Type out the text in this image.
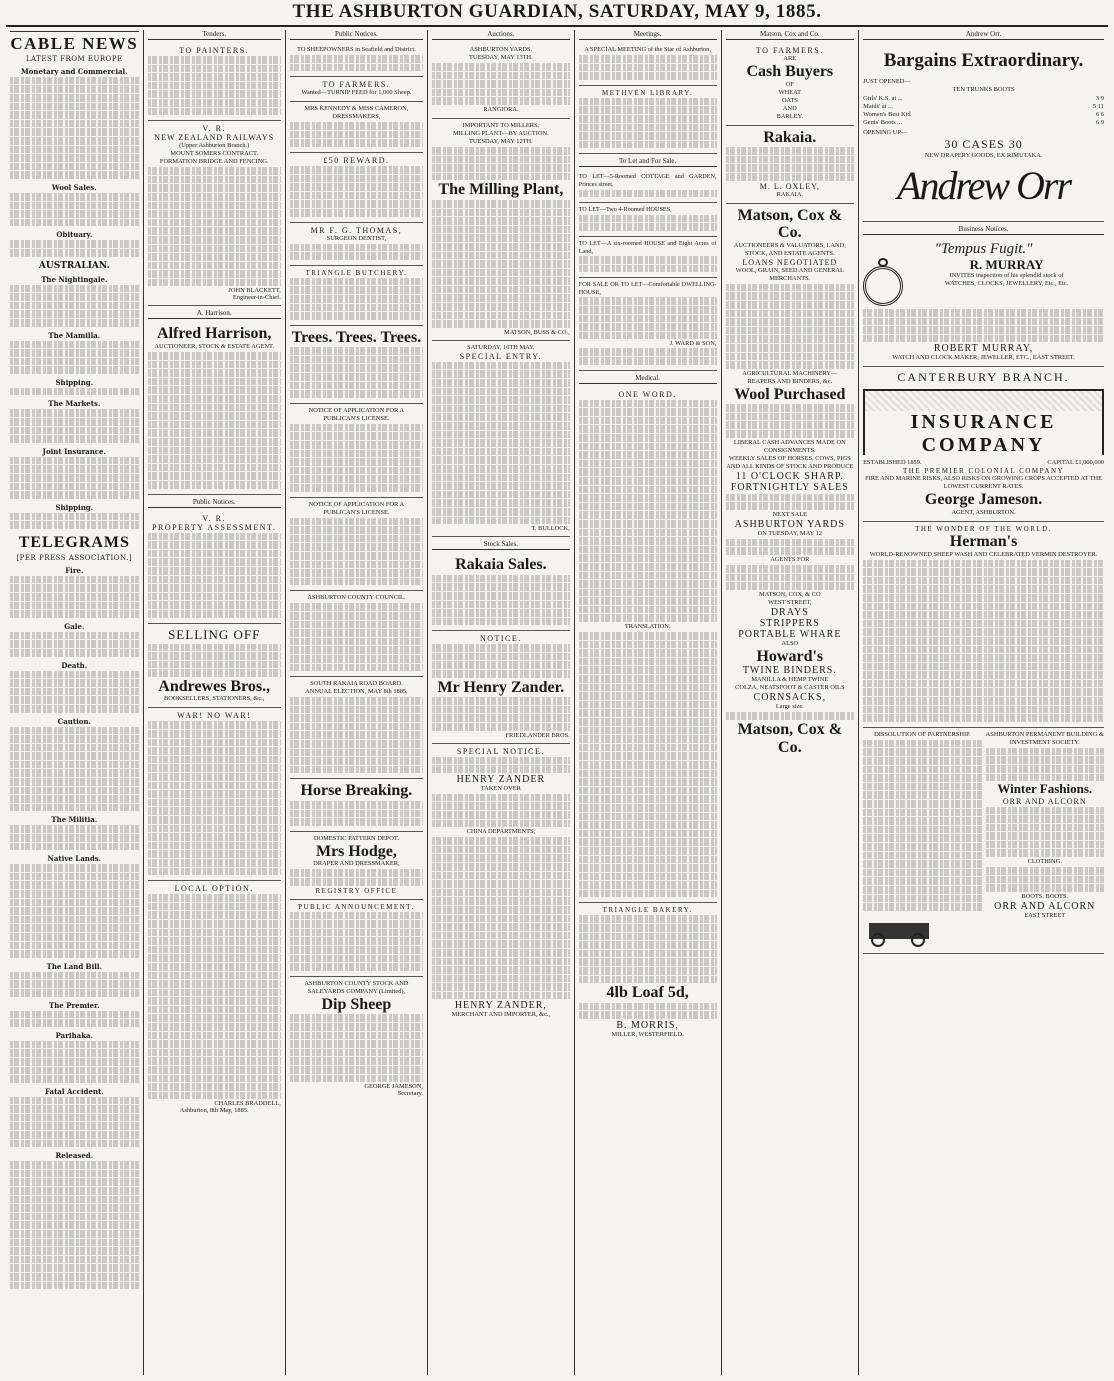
THE ASHBURTON GUARDIAN, SATURDAY, MAY 9, 1885.
CABLE NEWS
LATEST FROM EUROPE
Monetary and Commercial.
Wool Sales.
Obituary.
AUSTRALIAN.
The Nightingale.
The Mamilla.
Shipping.
The Markets.
Joint Insurance.
Shipping.
TELEGRAMS
[PER PRESS ASSOCIATION.]
Fire.
Gale.
Death.
Caution.
The Militia.
Native Lands.
The Land Bill.
The Premier.
Parihaka.
Fatal Accident.
Released.
Tenders.
TO PAINTERS.
V. R.
NEW ZEALAND RAILWAYS
(Upper Ashburton Branch.)
MOUNT SOMERS CONTRACT.
FORMATION BRIDGE AND FENCING.
JOHN BLACKETT,
Engineer-in-Chief.
A. Harrison.
Alfred Harrison,
AUCTIONEER, STOCK & ESTATE AGENT.
Public Notices.
V. R.
PROPERTY ASSESSMENT.
SELLING OFF
Andrewes Bros.,
BOOKSELLERS, STATIONERS, &c.,
WAR! NO WAR!
LOCAL OPTION.
CHARLES BRADDELL,
Ashburton, 8th May, 1885.
Public Notices.
TO SHEEPOWNERS in Seafield and District.
TO FARMERS.
Wanted—TURNIP FEED for 1,000 Sheep.
MRS KENNEDY & MISS CAMERON, DRESSMAKERS,
£50 REWARD.
MR F. G. THOMAS,
SURGEON DENTIST,
TRIANGLE BUTCHERY.
Trees. Trees. Trees.
NOTICE OF APPLICATION FOR A PUBLICAN'S LICENSE.
NOTICE OF APPLICATION FOR A PUBLICAN'S LICENSE.
ASHBURTON COUNTY COUNCIL.
SOUTH RAKAIA ROAD BOARD.
ANNUAL ELECTION, MAY 8th 1885.
Horse Breaking.
DOMESTIC PATTERN DEPOT.
Mrs Hodge,
DRAPER AND DRESSMAKER,
REGISTRY OFFICE
PUBLIC ANNOUNCEMENT.
ASHBURTON COUNTY STOCK AND SALEYARDS COMPANY (Limited),
Dip Sheep
GEORGE JAMESON,
Secretary.
Auctions.
ASHBURTON YARDS.
TUESDAY, MAY 13TH.
RANGIORA.
IMPORTANT TO MILLERS.
MILLING PLANT—BY AUCTION.
TUESDAY, MAY 12TH.
The Milling Plant,
MATSON, BUSS & CO.,
SATURDAY, 16TH MAY.
SPECIAL ENTRY.
T. BULLOCK,
Stock Sales.
Rakaia Sales.
NOTICE.
Mr Henry Zander.
FRIEDLANDER BROS.
SPECIAL NOTICE.
HENRY ZANDER
TAKEN OVER
CHINA DEPARTMENTS,
HENRY ZANDER,
MERCHANT AND IMPORTER, &c.,
Meetings.
A SPECIAL MEETING of the Star of Ashburton,
METHVEN LIBRARY.
To Let and For Sale.
TO LET—5-Roomed COTTAGE and GARDEN, Princes street.
TO LET—Two 4-Roomed HOUSES,
TO LET—A six-roomed HOUSE and Eight Acres of Land,
FOR SALE OR TO LET—Comfortable DWELLING-HOUSE,
J. WARD & SON,
Medical.
ONE WORD.
TRANSLATION.
TRIANGLE BAKERY.
4lb Loaf 5d,
B. MORRIS,
MILLER, WESTERFIELD.
Matson, Cox and Co.
TO FARMERS.
ARE
Cash Buyers
OF
WHEAT
OATS
AND
BARLEY.
Rakaia.
M. L. OXLEY,
RAKAIA.
Matson, Cox & Co.
AUCTIONEERS & VALUATORS, LAND, STOCK, AND ESTATE AGENTS.
LOANS NEGOTIATED
WOOL, GRAIN, SEED AND GENERAL MERCHANTS.
AGRICULTURAL MACHINERY—
REAPERS AND BINDERS, &c.
Wool Purchased
LIBERAL CASH ADVANCES MADE ON CONSIGNMENTS.
WEEKLY SALES OF HORSES, COWS, PIGS AND ALL KINDS OF STOCK AND PRODUCE
11 O'CLOCK SHARP.
FORTNIGHTLY SALES
NEXT SALE
ASHBURTON YARDS
ON TUESDAY, MAY 12
AGENTS FOR
MATSON, COX, & CO
WEST STREET,
DRAYS
STRIPPERS
PORTABLE WHARE
ALSO
Howard's
TWINE BINDERS.
MANILLA & HEMP TWINE
COLZA, NEATSFOOT & CASTER OILS
CORNSACKS,
Large size.
Matson, Cox & Co.
Andrew Orr.
Bargains Extraordinary.
JUST OPENED—
TEN TRUNKS BOOTS
Girls' K.S. at ...	3 9
Maids' at ...	5 11
Women's Best Kid	6 6
Gents' Boots ...	6 9
OPENING UP—
30 CASES 30
NEW DRAPERY GOODS, EX RIMUTAKA.
Andrew Orr
Business Notices.
"Tempus Fugit."
R. MURRAY
INVITES inspection of his splendid stock of
WATCHES, CLOCKS, JEWELLERY, Etc., Etc.
ROBERT MURRAY,
WATCH AND CLOCK MAKER, JEWELLER, ETC., EAST STREET.
CANTERBURY BRANCH.
INSURANCE COMPANY
ESTABLISHED 1859.	CAPITAL £1,000,000
THE PREMIER COLONIAL COMPANY
FIRE AND MARINE RISKS, ALSO RISKS ON GROWING CROPS ACCEPTED AT THE LOWEST CURRENT RATES.
George Jameson.
AGENT, ASHBURTON.
THE WONDER OF THE WORLD.
Herman's
WORLD-RENOWNED SHEEP WASH AND CELEBRATED VERMIN DESTROYER.
DISSOLUTION OF PARTNERSHIP.	ASHBURTON PERMANENT BUILDING & INVESTMENT SOCIETY.
Winter Fashions.
ORR AND ALCORN
CLOTHING.
BOOTS. BOOTS.
ORR AND ALCORN
EAST STREET
